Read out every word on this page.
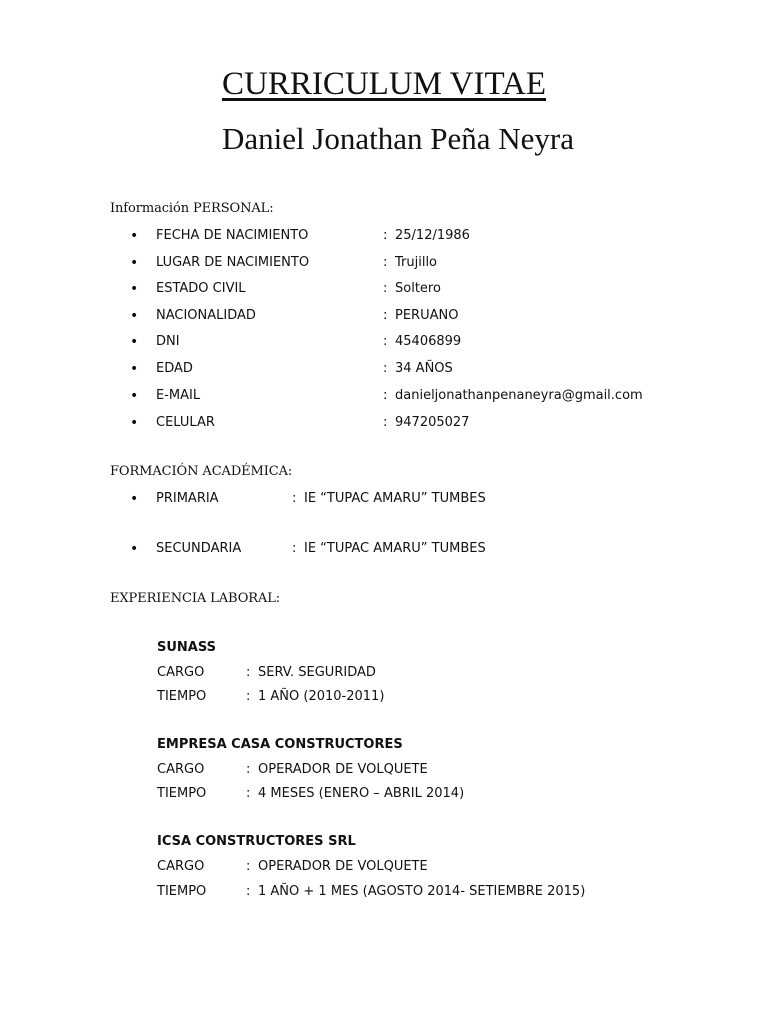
CURRICULUM VITAE
Daniel Jonathan Peña Neyra
Información PERSONAL:
• FECHA DE NACIMIENTO	: 25/12/1986
• LUGAR DE NACIMIENTO	: Trujillo
• ESTADO CIVIL	: Soltero
• NACIONALIDAD	: PERUANO
• DNI	: 45406899
• EDAD	: 34 AÑOS
• E-MAIL	: danieljonathanpenaneyra@gmail.com
• CELULAR	: 947205027
FORMACIÓN ACADÉMICA:
• PRIMARIA	: IE “TUPAC AMARU” TUMBES
• SECUNDARIA	: IE “TUPAC AMARU” TUMBES
EXPERIENCIA LABORAL:
SUNASS
CARGO	: SERV. SEGURIDAD
TIEMPO	: 1 AÑO (2010-2011)
EMPRESA CASA CONSTRUCTORES
CARGO	: OPERADOR DE VOLQUETE
TIEMPO	: 4 MESES (ENERO – ABRIL 2014)
ICSA CONSTRUCTORES SRL
CARGO	: OPERADOR DE VOLQUETE
TIEMPO	: 1 AÑO + 1 MES (AGOSTO 2014- SETIEMBRE 2015)
